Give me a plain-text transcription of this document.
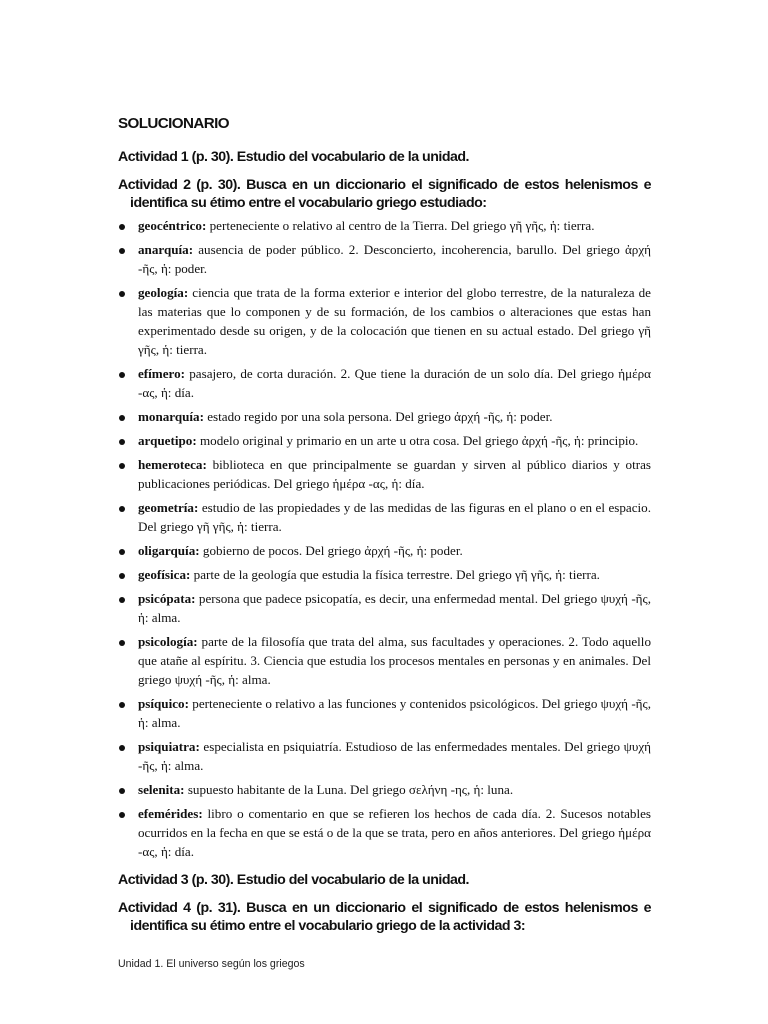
SOLUCIONARIO
Actividad 1 (p. 30). Estudio del vocabulario de la unidad.
Actividad 2 (p. 30). Busca en un diccionario el significado de estos helenismos e identifica su étimo entre el vocabulario griego estudiado:
geocéntrico: perteneciente o relativo al centro de la Tierra. Del griego γῆ γῆς, ἡ: tierra.
anarquía: ausencia de poder público. 2. Desconcierto, incoherencia, barullo. Del griego ἀρχή -ῆς, ἡ: poder.
geología: ciencia que trata de la forma exterior e interior del globo terrestre, de la naturaleza de las materias que lo componen y de su formación, de los cambios o alteraciones que estas han experimentado desde su origen, y de la colocación que tienen en su actual estado. Del griego γῆ γῆς, ἡ: tierra.
efímero: pasajero, de corta duración. 2. Que tiene la duración de un solo día. Del griego ἡμέρα -ας, ἡ: día.
monarquía: estado regido por una sola persona. Del griego ἀρχή -ῆς, ἡ: poder.
arquetipo: modelo original y primario en un arte u otra cosa. Del griego ἀρχή -ῆς, ἡ: principio.
hemeroteca: biblioteca en que principalmente se guardan y sirven al público diarios y otras publicaciones periódicas. Del griego ἡμέρα -ας, ἡ: día.
geometría: estudio de las propiedades y de las medidas de las figuras en el plano o en el espacio. Del griego γῆ γῆς, ἡ: tierra.
oligarquía: gobierno de pocos. Del griego ἀρχή -ῆς, ἡ: poder.
geofísica: parte de la geología que estudia la física terrestre. Del griego γῆ γῆς, ἡ: tierra.
psicópata: persona que padece psicopatía, es decir, una enfermedad mental. Del griego ψυχή -ῆς, ἡ: alma.
psicología: parte de la filosofía que trata del alma, sus facultades y operaciones. 2. Todo aquello que atañe al espíritu. 3. Ciencia que estudia los procesos mentales en personas y en animales. Del griego ψυχή -ῆς, ἡ: alma.
psíquico: perteneciente o relativo a las funciones y contenidos psicológicos. Del griego ψυχή -ῆς, ἡ: alma.
psiquiatra: especialista en psiquiatría. Estudioso de las enfermedades mentales. Del griego ψυχή -ῆς, ἡ: alma.
selenita: supuesto habitante de la Luna. Del griego σελήνη -ης, ἡ: luna.
efemérides: libro o comentario en que se refieren los hechos de cada día. 2. Sucesos notables ocurridos en la fecha en que se está o de la que se trata, pero en años anteriores. Del griego ἡμέρα -ας, ἡ: día.
Actividad 3 (p. 30). Estudio del vocabulario de la unidad.
Actividad 4 (p. 31). Busca en un diccionario el significado de estos helenismos e identifica su étimo entre el vocabulario griego de la actividad 3:
Unidad 1. El universo según los griegos
